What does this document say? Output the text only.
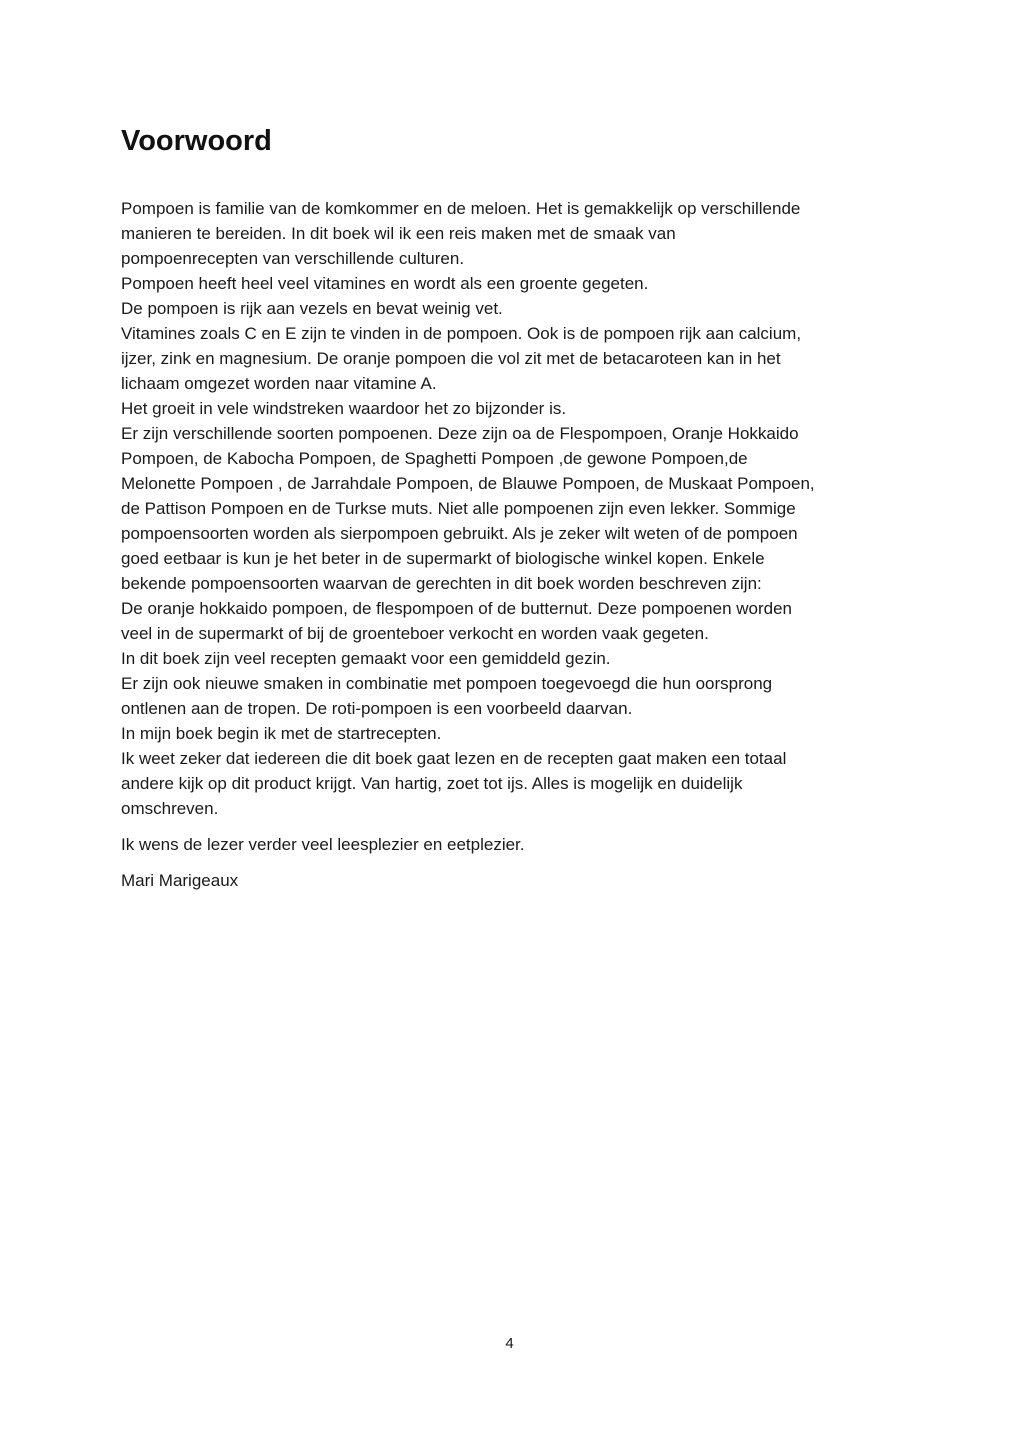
Voorwoord
Pompoen is familie van de komkommer en de meloen. Het is gemakkelijk op verschillende
manieren te bereiden. In dit boek wil ik een reis maken met de smaak van
pompoenrecepten van verschillende culturen.
Pompoen heeft heel veel vitamines en wordt als een groente gegeten.
De pompoen is rijk aan vezels en bevat weinig vet.
Vitamines zoals C en E zijn te vinden in de pompoen. Ook is de pompoen rijk aan calcium,
ijzer, zink en magnesium. De oranje pompoen die vol zit met de betacaroteen kan in het
lichaam omgezet worden naar vitamine A.
Het groeit in vele windstreken waardoor het zo bijzonder is.
Er zijn verschillende soorten pompoenen. Deze zijn oa de Flespompoen, Oranje Hokkaido
Pompoen, de Kabocha Pompoen, de Spaghetti Pompoen ,de gewone Pompoen,de
Melonette Pompoen , de Jarrahdale Pompoen, de Blauwe Pompoen, de Muskaat Pompoen,
de Pattison Pompoen en de Turkse muts. Niet alle pompoenen zijn even lekker. Sommige
pompoensoorten worden als sierpompoen gebruikt. Als je zeker wilt weten of de pompoen
goed eetbaar is kun je het beter in de supermarkt of biologische winkel kopen. Enkele
bekende pompoensoorten waarvan de gerechten in dit boek worden beschreven zijn:
De oranje hokkaido pompoen, de flespompoen of de butternut. Deze pompoenen worden
veel in de supermarkt of bij de groenteboer verkocht en worden vaak gegeten.
In dit boek zijn veel recepten gemaakt voor een gemiddeld gezin.
Er zijn ook nieuwe smaken in combinatie met pompoen toegevoegd die hun oorsprong
ontlenen aan de tropen. De roti-pompoen is een voorbeeld daarvan.
In mijn boek begin ik met de startrecepten.
Ik weet zeker dat iedereen die dit boek gaat lezen en de recepten gaat maken een totaal
andere kijk op dit product krijgt. Van hartig, zoet tot ijs. Alles is mogelijk en duidelijk
omschreven.
Ik wens de lezer verder veel leesplezier en eetplezier.
Mari Marigeaux
4
